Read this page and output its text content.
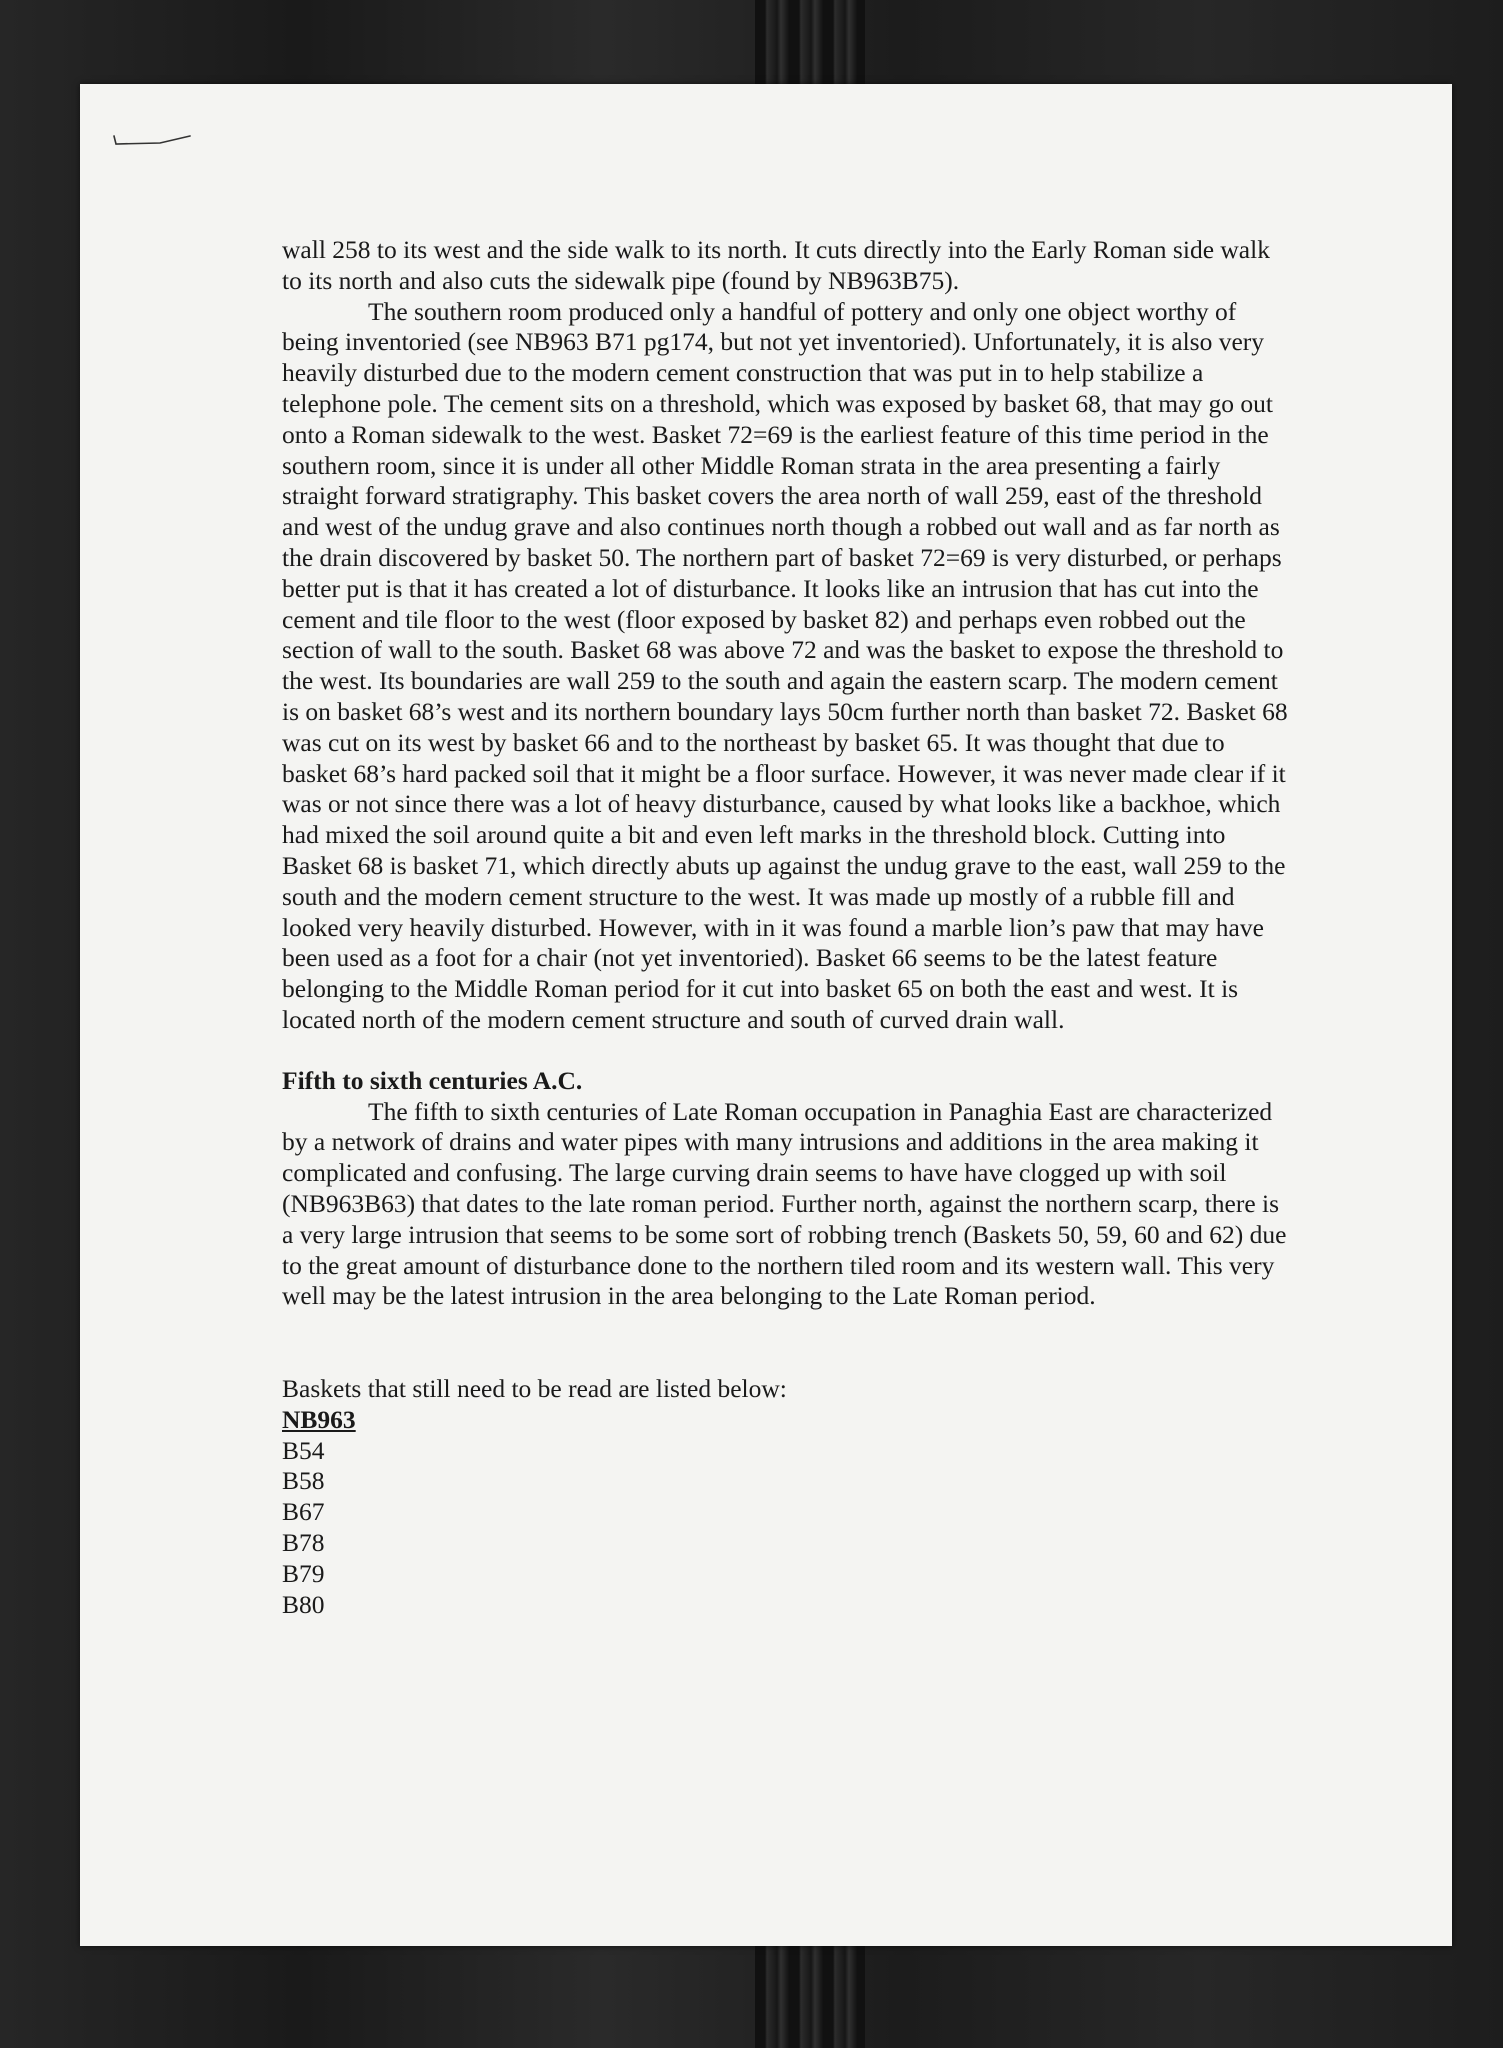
wall 258 to its west and the side walk to its north. It cuts directly into the Early Roman side walk to its north and also cuts the sidewalk pipe (found by NB963B75).

The southern room produced only a handful of pottery and only one object worthy of being inventoried (see NB963 B71 pg174, but not yet inventoried). Unfortunately, it is also very heavily disturbed due to the modern cement construction that was put in to help stabilize a telephone pole. The cement sits on a threshold, which was exposed by basket 68, that may go out onto a Roman sidewalk to the west. Basket 72=69 is the earliest feature of this time period in the southern room, since it is under all other Middle Roman strata in the area presenting a fairly straight forward stratigraphy. This basket covers the area north of wall 259, east of the threshold and west of the undug grave and also continues north though a robbed out wall and as far north as the drain discovered by basket 50. The northern part of basket 72=69 is very disturbed, or perhaps better put is that it has created a lot of disturbance. It looks like an intrusion that has cut into the cement and tile floor to the west (floor exposed by basket 82) and perhaps even robbed out the section of wall to the south. Basket 68 was above 72 and was the basket to expose the threshold to the west. Its boundaries are wall 259 to the south and again the eastern scarp. The modern cement is on basket 68’s west and its northern boundary lays 50cm further north than basket 72. Basket 68 was cut on its west by basket 66 and to the northeast by basket 65. It was thought that due to basket 68’s hard packed soil that it might be a floor surface. However, it was never made clear if it was or not since there was a lot of heavy disturbance, caused by what looks like a backhoe, which had mixed the soil around quite a bit and even left marks in the threshold block. Cutting into Basket 68 is basket 71, which directly abuts up against the undug grave to the east, wall 259 to the south and the modern cement structure to the west. It was made up mostly of a rubble fill and looked very heavily disturbed. However, with in it was found a marble lion’s paw that may have been used as a foot for a chair (not yet inventoried). Basket 66 seems to be the latest feature belonging to the Middle Roman period for it cut into basket 65 on both the east and west. It is located north of the modern cement structure and south of curved drain wall.

Fifth to sixth centuries A.C.

The fifth to sixth centuries of Late Roman occupation in Panaghia East are characterized by a network of drains and water pipes with many intrusions and additions in the area making it complicated and confusing. The large curving drain seems to have have clogged up with soil (NB963B63) that dates to the late roman period. Further north, against the northern scarp, there is a very large intrusion that seems to be some sort of robbing trench (Baskets 50, 59, 60 and 62) due to the great amount of disturbance done to the northern tiled room and its western wall. This very well may be the latest intrusion in the area belonging to the Late Roman period.

Baskets that still need to be read are listed below:

NB963

B54
B58
B67
B78
B79
B80
